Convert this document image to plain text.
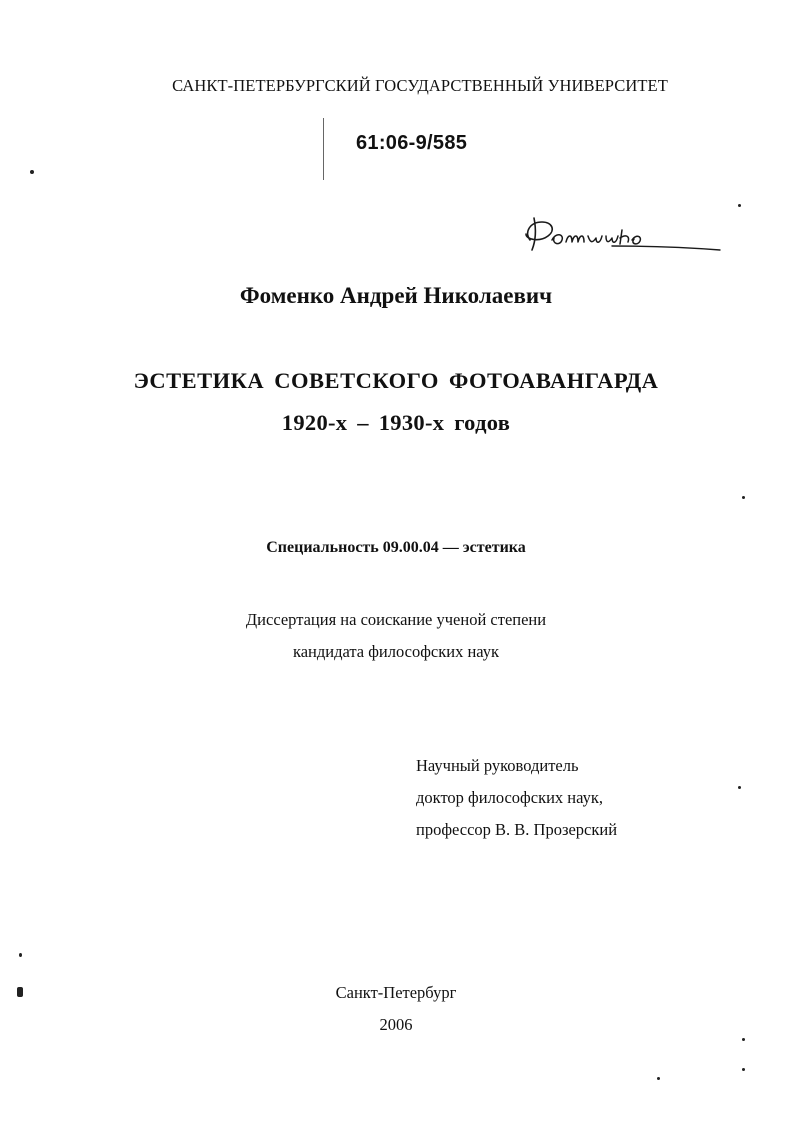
САНКТ-ПЕТЕРБУРГСКИЙ ГОСУДАРСТВЕННЫЙ УНИВЕРСИТЕТ
61:06-9/585
Фоменко Андрей Николаевич
ЭСТЕТИКА СОВЕТСКОГО ФОТОАВАНГАРДА
1920-х – 1930-х годов
Специальность 09.00.04 — эстетика
Диссертация на соискание ученой степени
кандидата философских наук
Научный руководитель
доктор философских наук,
профессор В. В. Прозерский
Санкт-Петербург
2006
